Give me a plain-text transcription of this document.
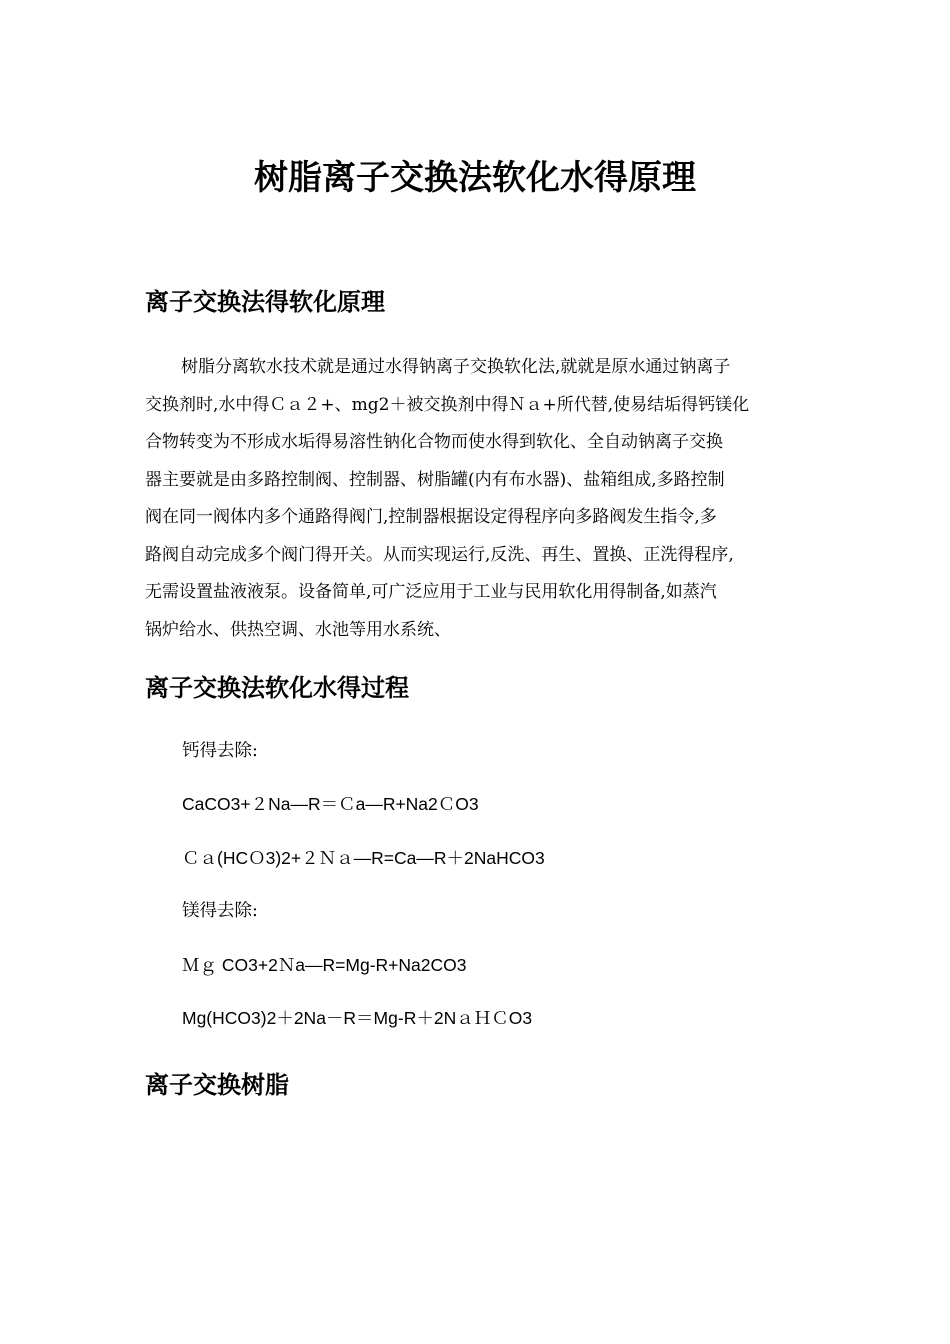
树脂离子交换法软化水得原理
离子交换法得软化原理
树脂分离软水技术就是通过水得钠离子交换软化法,就就是原水通过钠离子
交换剂时,水中得Ｃａ２+、mg2＋被交换剂中得Ｎａ+所代替,使易结垢得钙镁化
合物转变为不形成水垢得易溶性钠化合物而使水得到软化、全自动钠离子交换
器主要就是由多路控制阀、控制器、树脂罐(内有布水器)、盐箱组成,多路控制
阀在同一阀体内多个通路得阀门,控制器根据设定得程序向多路阀发生指令,多
路阀自动完成多个阀门得开关。从而实现运行,反洗、再生、置换、正洗得程序,
无需设置盐液液泵。设备简单,可广泛应用于工业与民用软化用得制备,如蒸汽
锅炉给水、供热空调、水池等用水系统、
离子交换法软化水得过程

钙得去除:

CaCO3+２Na—R＝Ｃa—R+Na2ＣO3

Ｃａ(HCＯ3)2+２Ｎａ—R=Ca—R＋2NaHCO3

镁得去除:

Ｍｇ CO3+2Ｎa—R=Mg-R+Na2CO3

Mg(HCO3)2＋2Na－R＝Mg-R＋2NａＨＣO3

离子交换树脂
